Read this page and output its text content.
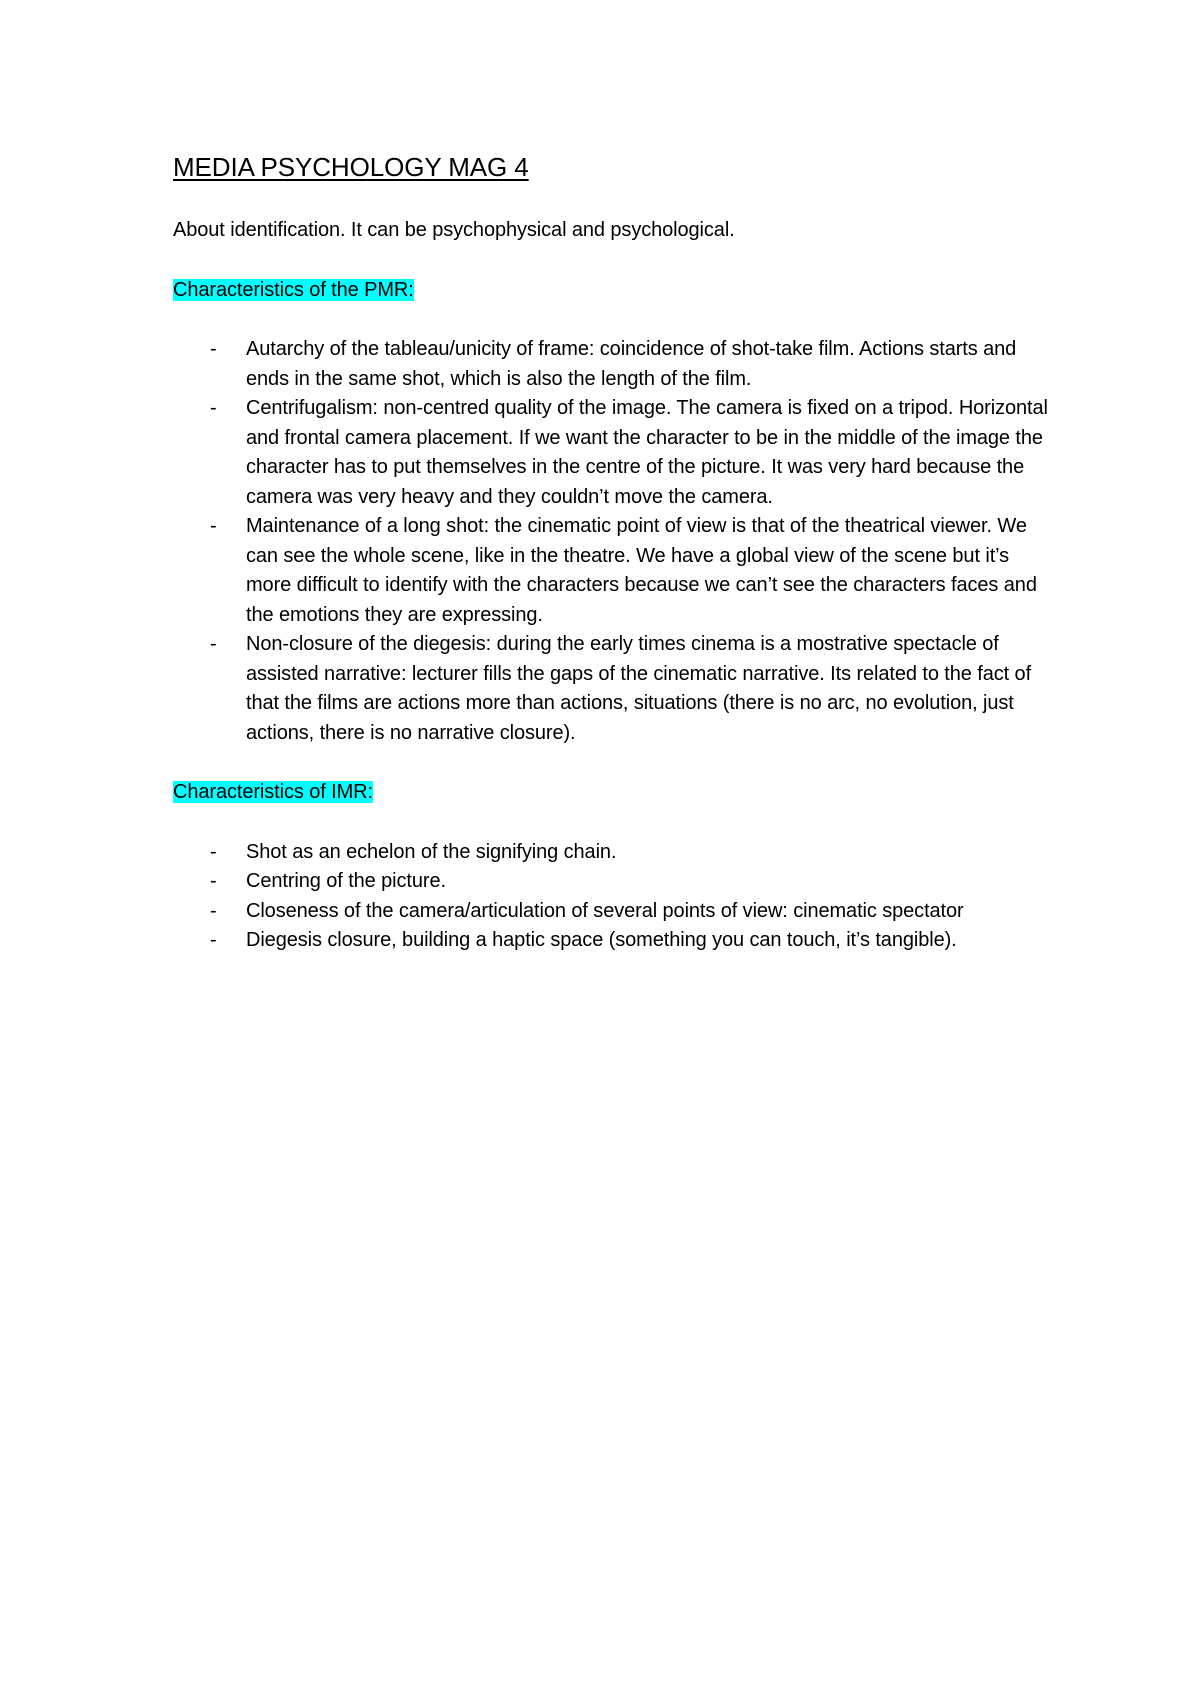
MEDIA PSYCHOLOGY MAG 4

About identification. It can be psychophysical and psychological.

Characteristics of the PMR:

- Autarchy of the tableau/unicity of frame: coincidence of shot-take film. Actions starts and ends in the same shot, which is also the length of the film.
- Centrifugalism: non-centred quality of the image. The camera is fixed on a tripod. Horizontal and frontal camera placement. If we want the character to be in the middle of the image the character has to put themselves in the centre of the picture. It was very hard because the camera was very heavy and they couldn’t move the camera.
- Maintenance of a long shot: the cinematic point of view is that of the theatrical viewer. We can see the whole scene, like in the theatre. We have a global view of the scene but it’s more difficult to identify with the characters because we can’t see the characters faces and the emotions they are expressing.
- Non-closure of the diegesis: during the early times cinema is a mostrative spectacle of assisted narrative: lecturer fills the gaps of the cinematic narrative. Its related to the fact of that the films are actions more than actions, situations (there is no arc, no evolution, just actions, there is no narrative closure).

Characteristics of IMR:

- Shot as an echelon of the signifying chain.
- Centring of the picture.
- Closeness of the camera/articulation of several points of view: cinematic spectator
- Diegesis closure, building a haptic space (something you can touch, it’s tangible).
